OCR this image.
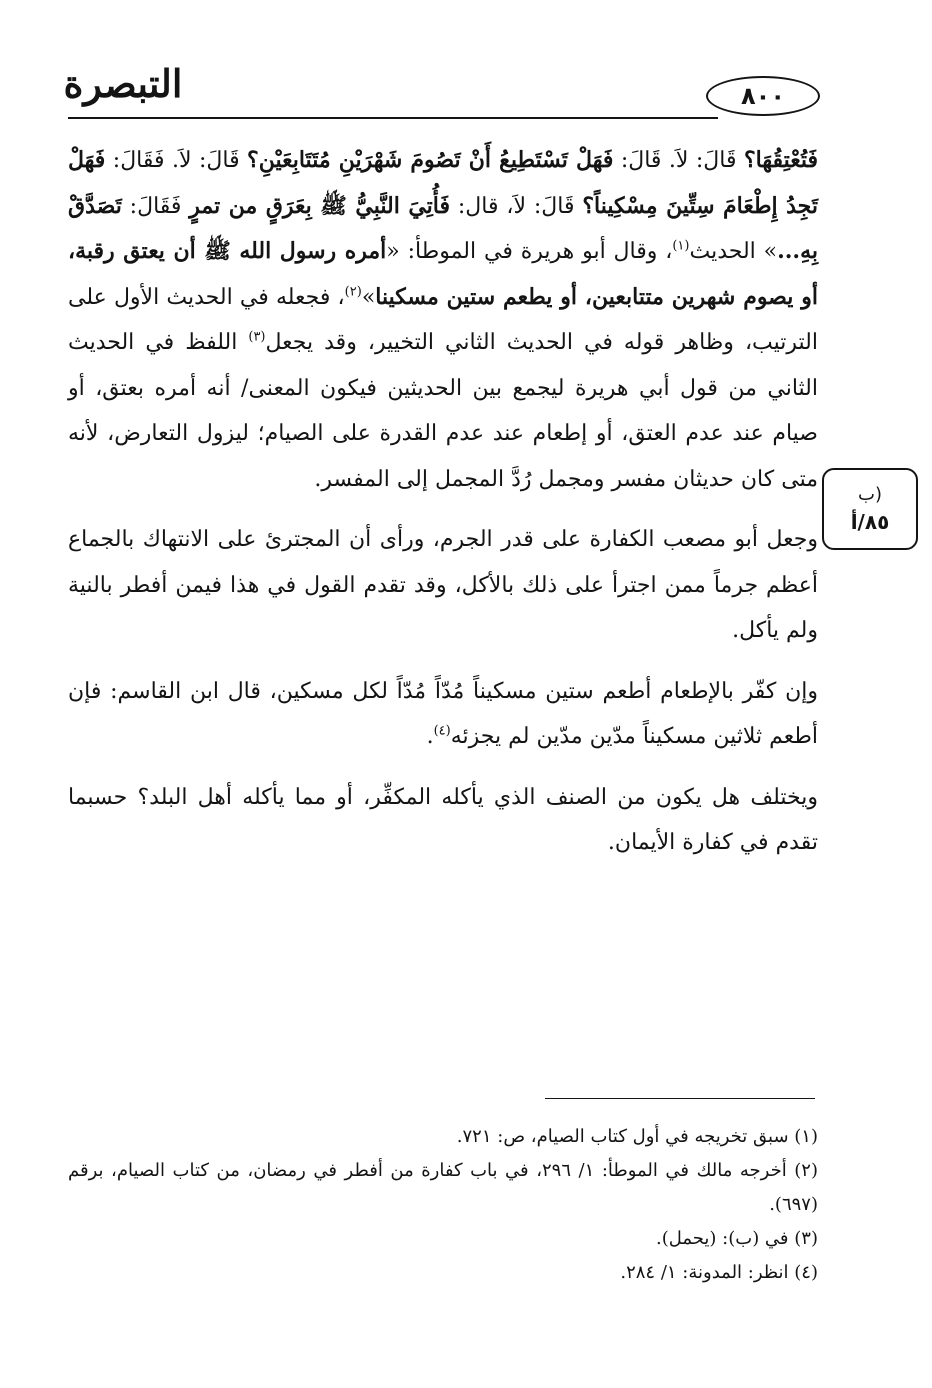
التبصرة	٨٠٠

فَتُعْتِقُهَا؟ قَالَ: لاَ. قَالَ: فَهَلْ تَسْتَطِيعُ أَنْ تَصُومَ شَهْرَيْنِ مُتَتَابِعَيْنِ؟ قَالَ: لاَ. فَقَالَ: فَهَلْ تَجِدُ إِطْعَامَ سِتِّينَ مِسْكِيناً؟ قَالَ: لاَ، قال: فَأُتِيَ النَّبِيُّ ﷺ بِعَرَقٍ من تمرٍ فَقَالَ: تَصَدَّقْ بِهِ...» الحديث$^{(١)}$، وقال أبو هريرة في الموطأ: «أمره رسول الله ﷺ أن يعتق رقبة، أو يصوم شهرين متتابعين، أو يطعم ستين مسكينا»$^{(٢)}$، فجعله في الحديث الأول على الترتيب، وظاهر قوله في الحديث الثاني التخيير، وقد يجعل$^{(٣)}$ اللفظ في الحديث الثاني من قول أبي هريرة ليجمع بين الحديثين فيكون المعنى/ أنه أمره بعتق، أو صيام عند عدم العتق، أو إطعام عند عدم القدرة على الصيام؛ ليزول التعارض، لأنه متى كان حديثان مفسر ومجمل رُدَّ المجمل إلى المفسر.

وجعل أبو مصعب الكفارة على قدر الجرم، ورأى أن المجترئ على الانتهاك بالجماع أعظم جرماً ممن اجترأ على ذلك بالأكل، وقد تقدم القول في هذا فيمن أفطر بالنية ولم يأكل.

وإن كفّر بالإطعام أطعم ستين مسكيناً مُدّاً مُدّاً لكل مسكين، قال ابن القاسم: فإن أطعم ثلاثين مسكيناً مدّين مدّين لم يجزئه$^{(٤)}$.

ويختلف هل يكون من الصنف الذي يأكله المكفِّر، أو مما يأكله أهل البلد؟ حسبما تقدم في كفارة الأيمان.

(ب
٨٥/أ

(١) سبق تخريجه في أول كتاب الصيام، ص: ٧٢١.

(٢) أخرجه مالك في الموطأ: ١/ ٢٩٦، في باب كفارة من أفطر في رمضان، من كتاب الصيام، برقم (٦٩٧).

(٣) في (ب): (يحمل).

(٤) انظر: المدونة: ١/ ٢٨٤.
